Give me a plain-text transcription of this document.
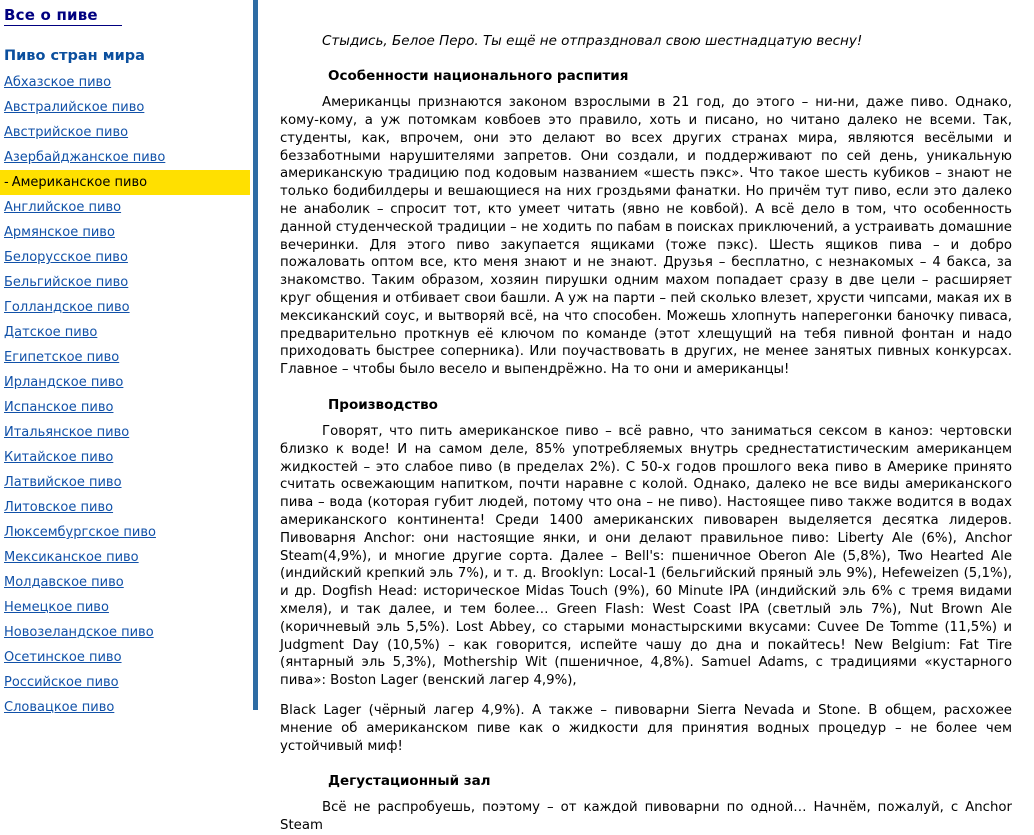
Все о пиве
Пиво стран мира
Абхазское пиво
Австралийское пиво
Австрийское пиво
Азербайджанское пиво
- Американское пиво
Английское пиво
Армянское пиво
Белорусское пиво
Бельгийское пиво
Голландское пиво
Датское пиво
Египетское пиво
Ирландское пиво
Испанское пиво
Итальянское пиво
Китайское пиво
Латвийское пиво
Литовское пиво
Люксембургское пиво
Мексиканское пиво
Молдавское пиво
Немецкое пиво
Новозеландское пиво
Осетинское пиво
Российское пиво
Словацкое пиво
Стыдись, Белое Перо. Ты ещё не отпраздновал свою шестнадцатую весну!
Особенности национального распития

Американцы признаются законом взрослыми в 21 год, до этого – ни-ни, даже пиво. Однако, кому-кому, а уж потомкам ковбоев это правило, хоть и писано, но читано далеко не всеми. Так, студенты, как, впрочем, они это делают во всех других странах мира, являются весёлыми и беззаботными нарушителями запретов. Они создали, и поддерживают по сей день, уникальную американскую традицию под кодовым названием «шесть пэкс». Что такое шесть кубиков – знают не только бодибилдеры и вешающиеся на них гроздьями фанатки. Но причём тут пиво, если это далеко не анаболик – спросит тот, кто умеет читать (явно не ковбой). А всё дело в том, что особенность данной студенческой традиции – не ходить по пабам в поисках приключений, а устраивать домашние вечеринки. Для этого пиво закупается ящиками (тоже пэкс). Шесть ящиков пива – и добро пожаловать оптом все, кто меня знают и не знают. Друзья – бесплатно, с незнакомых – 4 бакса, за знакомство. Таким образом, хозяин пирушки одним махом попадает сразу в две цели – расширяет круг общения и отбивает свои башли. А уж на парти – пей сколько влезет, хрусти чипсами, макая их в мексиканский соус, и вытворяй всё, на что способен. Можешь хлопнуть наперегонки баночку пиваса, предварительно проткнув её ключом по команде (этот хлещущий на тебя пивной фонтан и надо приходовать быстрее соперника). Или поучаствовать в других, не менее занятых пивных конкурсах. Главное – чтобы было весело и выпендрёжно. На то они и американцы!

Производство

Говорят, что пить американское пиво – всё равно, что заниматься сексом в каноэ: чертовски близко к воде! И на самом деле, 85% употребляемых внутрь среднестатистическим американцем жидкостей – это слабое пиво (в пределах 2%). С 50-х годов прошлого века пиво в Америке принято считать освежающим напитком, почти наравне с колой. Однако, далеко не все виды американского пива – вода (которая губит людей, потому что она – не пиво). Настоящее пиво также водится в водах американского континента! Среди 1400 американских пивоварен выделяется десятка лидеров. Пивоварня Anchor: они настоящие янки, и они делают правильное пиво: Liberty Ale (6%), Anchor Steam(4,9%), и многие другие сорта. Далее – Bell's: пшеничное Oberon Ale (5,8%), Two Hearted Ale (индийский крепкий эль 7%), и т. д. Brooklyn: Local-1 (бельгийский пряный эль 9%), Hefeweizen (5,1%), и др. Dogfish Head: историческое Midas Touch (9%), 60 Minute IPA (индийский эль 6% с тремя видами хмеля), и так далее, и тем более… Green Flash: West Coast IPA (светлый эль 7%), Nut Brown Ale (коричневый эль 5,5%). Lost Abbey, со старыми монастырскими вкусами: Cuvee De Tomme (11,5%) и Judgment Day (10,5%) – как говорится, испейте чашу до дна и покайтесь! New Belgium: Fat Tire (янтарный эль 5,3%), Mothership Wit (пшеничное, 4,8%). Samuel Adams, с традициями «кустарного пива»: Boston Lager (венский лагер 4,9%),

Black Lager (чёрный лагер 4,9%). А также – пивоварни Sierra Nevada и Stone. В общем, расхожее мнение об американском пиве как о жидкости для принятия водных процедур – не более чем устойчивый миф!

Дегустационный зал

Всё не распробуешь, поэтому – от каждой пивоварни по одной… Начнём, пожалуй, с Anchor Steam
